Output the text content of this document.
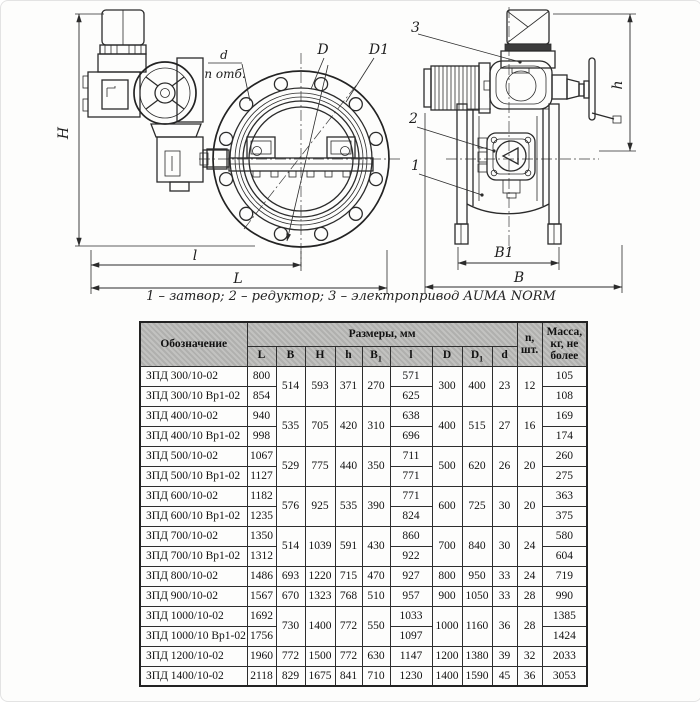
H
l
L
d
n отб.
D	D1
3
2
1
h
B1
B
1 – затвор; 2 – редуктор; 3 – электропривод AUMA NORM
Обозначение	Размеры, мм									n, шт.	Масса, кг, не более
	L	B	H	h	$B_1$	l	D	$D_1$	d		
ЗПД 300/10-02	800	514	593	371	270	571	300	400	23	12	105
ЗПД 300/10 Вр1-02	854					625					108
ЗПД 400/10-02	940	535	705	420	310	638	400	515	27	16	169
ЗПД 400/10 Вр1-02	998					696					174
ЗПД 500/10-02	1067	529	775	440	350	711	500	620	26	20	260
ЗПД 500/10 Вр1-02	1127					771					275
ЗПД 600/10-02	1182	576	925	535	390	771	600	725	30	20	363
ЗПД 600/10 Вр1-02	1235					824					375
ЗПД 700/10-02	1350	514	1039	591	430	860	700	840	30	24	580
ЗПД 700/10 Вр1-02	1312					922					604
ЗПД 800/10-02	1486	693	1220	715	470	927	800	950	33	24	719
ЗПД 900/10-02	1567	670	1323	768	510	957	900	1050	33	28	990
ЗПД 1000/10-02	1692	730	1400	772	550	1033	1000	1160	36	28	1385
ЗПД 1000/10 Вр1-02	1756					1097					1424
ЗПД 1200/10-02	1960	772	1500	772	630	1147	1200	1380	39	32	2033
ЗПД 1400/10-02	2118	829	1675	841	710	1230	1400	1590	45	36	3053
